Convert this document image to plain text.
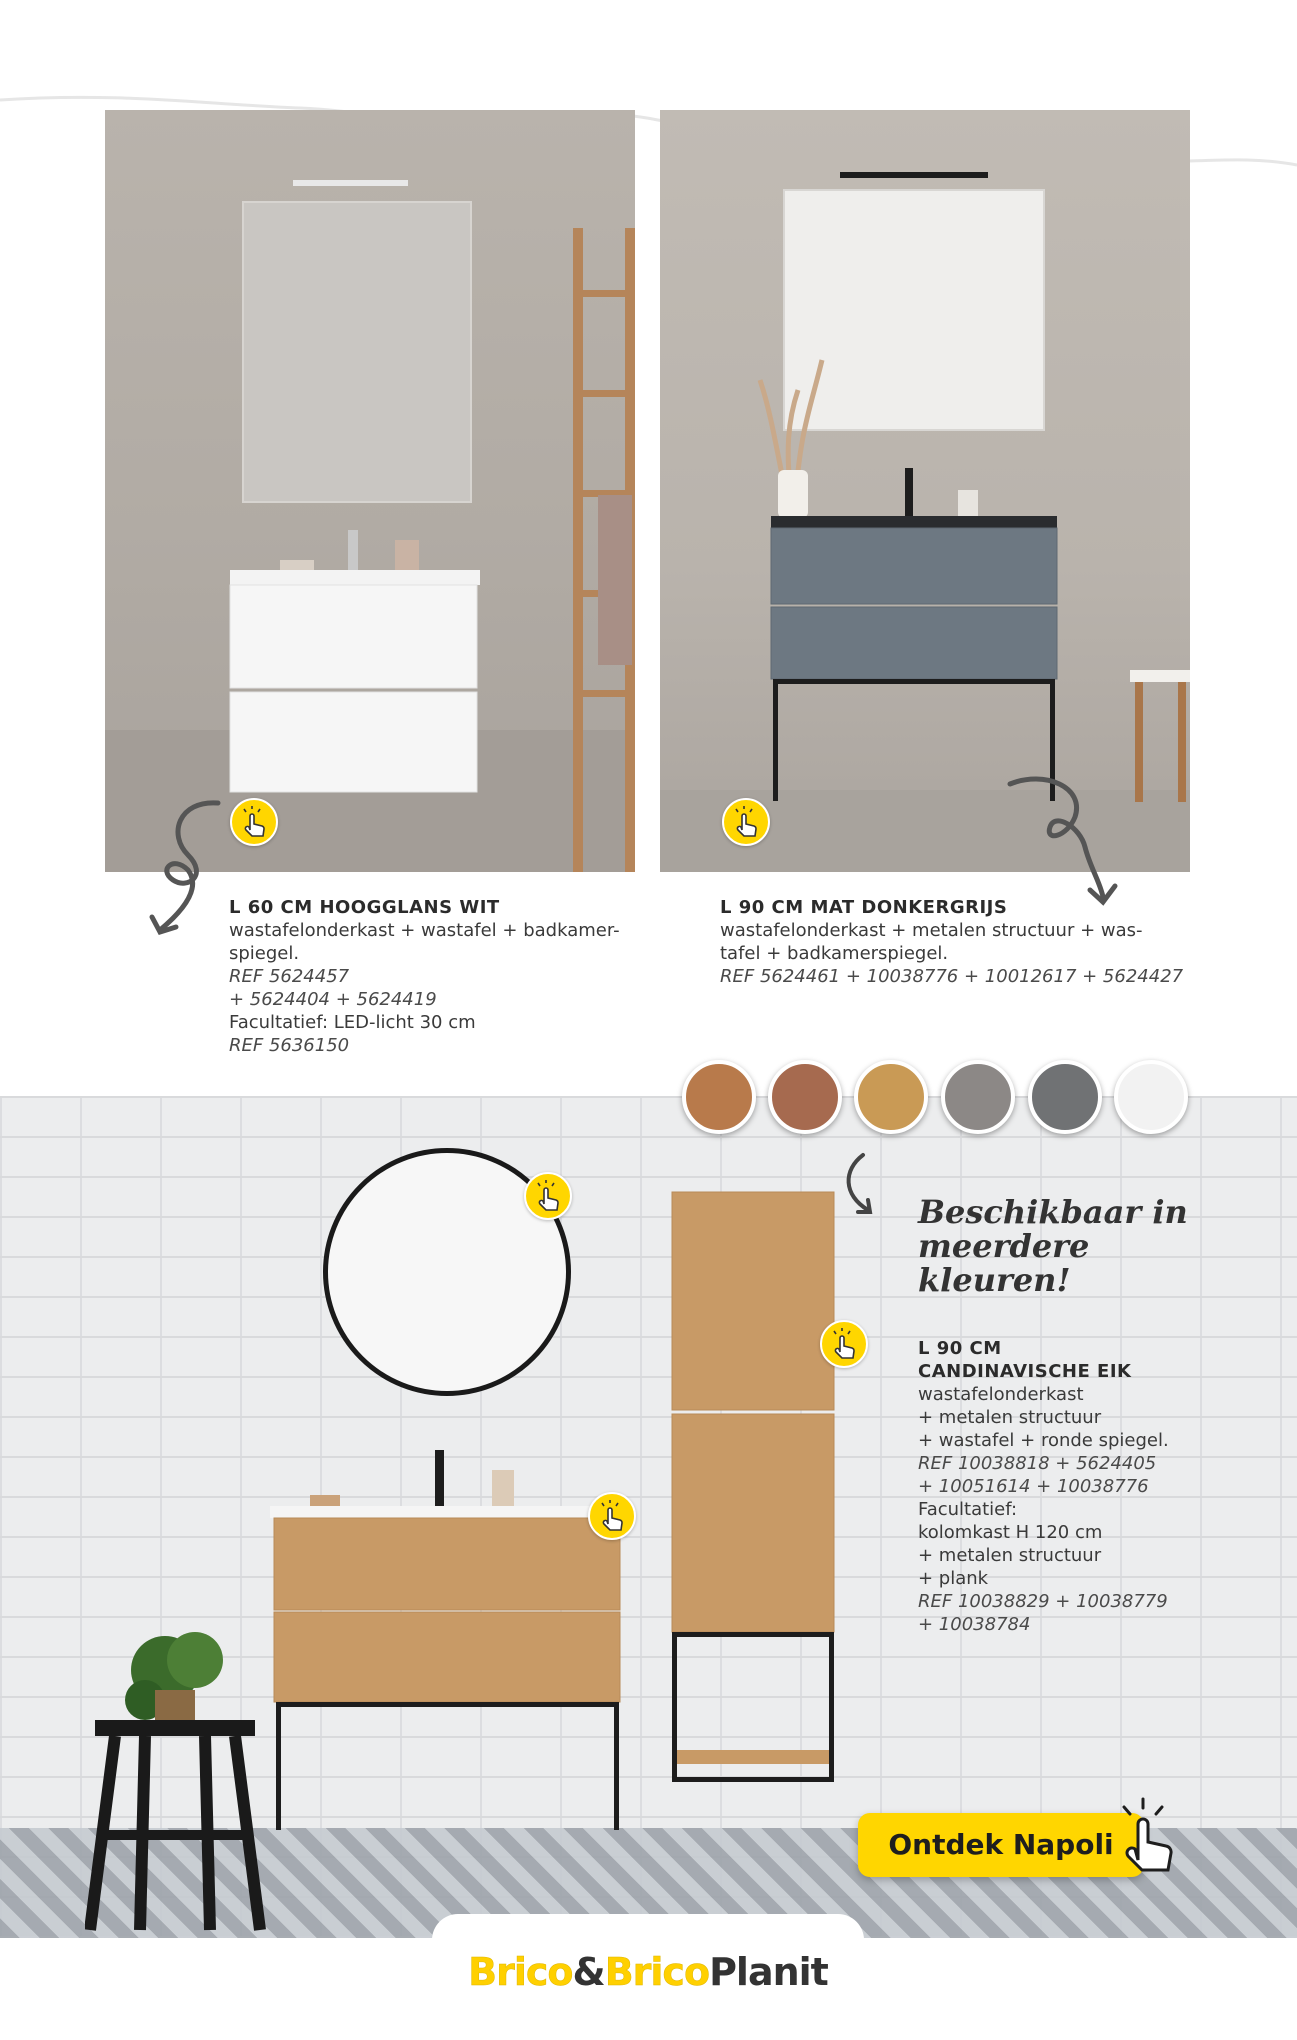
L 60 CM HOOGGLANS WIT
wastafelonderkast + wastafel + badkamer-
spiegel.
REF 5624457
+ 5624404 + 5624419
Facultatief: LED-licht 30 cm
REF 5636150
L 90 CM MAT DONKERGRIJS
wastafelonderkast + metalen structuur + was-
tafel + badkamerspiegel.
REF 5624461 + 10038776 + 10012617 + 5624427
Beschikbaar in meerdere kleuren!
L 90 CM
CANDINAVISCHE EIK
wastafelonderkast
+ metalen structuur
+ wastafel + ronde spiegel.
REF 10038818 + 5624405
+ 10051614 + 10038776
Facultatief:
kolomkast H 120 cm
+ metalen structuur
+ plank
REF 10038829 + 10038779
+ 10038784
Ontdek Napoli
Brico&BricoPlanit
